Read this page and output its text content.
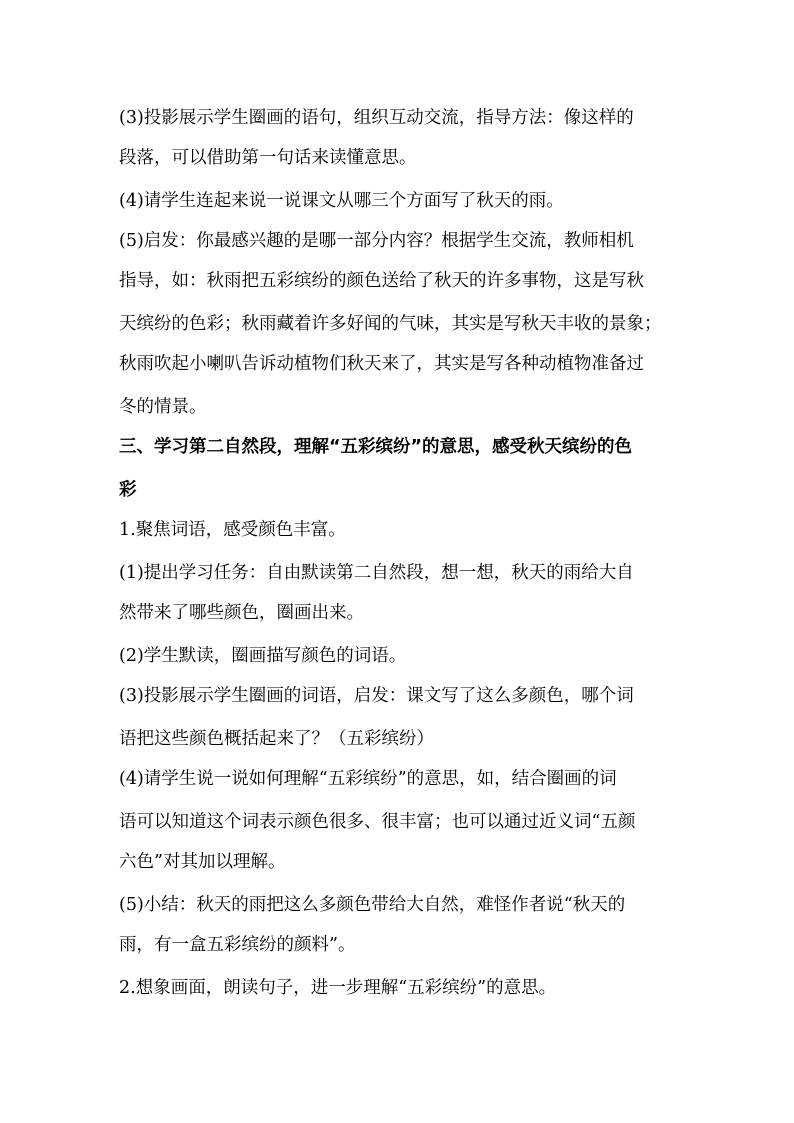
(3)投影展示学生圈画的语句，组织互动交流，指导方法：像这样的
段落，可以借助第一句话来读懂意思。
(4)请学生连起来说一说课文从哪三个方面写了秋天的雨。
(5)启发：你最感兴趣的是哪一部分内容？根据学生交流，教师相机
指导，如：秋雨把五彩缤纷的颜色送给了秋天的许多事物，这是写秋
天缤纷的色彩；秋雨藏着许多好闻的气味，其实是写秋天丰收的景象；
秋雨吹起小喇叭告诉动植物们秋天来了，其实是写各种动植物准备过
冬的情景。
三、学习第二自然段，理解“五彩缤纷”的意思，感受秋天缤纷的色
彩
1.聚焦词语，感受颜色丰富。
(1)提出学习任务：自由默读第二自然段，想一想，秋天的雨给大自
然带来了哪些颜色，圈画出来。
(2)学生默读，圈画描写颜色的词语。
(3)投影展示学生圈画的词语，启发：课文写了这么多颜色，哪个词
语把这些颜色概括起来了？（五彩缤纷）
(4)请学生说一说如何理解“五彩缤纷”的意思，如，结合圈画的词
语可以知道这个词表示颜色很多、很丰富；也可以通过近义词“五颜
六色”对其加以理解。
(5)小结：秋天的雨把这么多颜色带给大自然，难怪作者说“秋天的
雨，有一盒五彩缤纷的颜料”。
2.想象画面，朗读句子，进一步理解“五彩缤纷”的意思。
